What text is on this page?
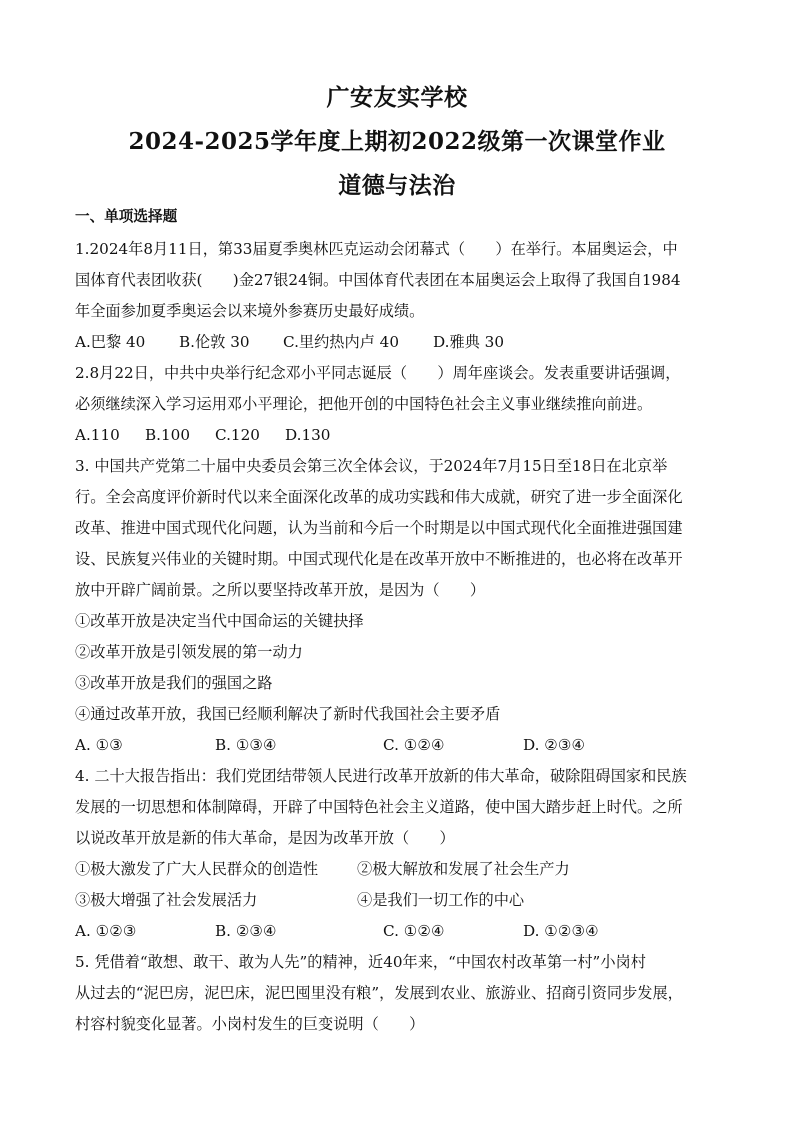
广安友实学校
2024-2025学年度上期初2022级第一次课堂作业
道德与法治
一、单项选择题
1.2024年8月11日，第33届夏季奥林匹克运动会闭幕式（　　）在举行。本届奥运会，中
国体育代表团收获(　　)金27银24铜。中国体育代表团在本届奥运会上取得了我国自1984
年全面参加夏季奥运会以来境外参赛历史最好成绩。
A.巴黎 40 B.伦敦 30 C.里约热内卢 40 D.雅典 30
2.8月22日，中共中央举行纪念邓小平同志诞辰（　　）周年座谈会。发表重要讲话强调，
必须继续深入学习运用邓小平理论，把他开创的中国特色社会主义事业继续推向前进。
A.110 B.100 C.120 D.130
3. 中国共产党第二十届中央委员会第三次全体会议，于2024年7月15日至18日在北京举
行。全会高度评价新时代以来全面深化改革的成功实践和伟大成就，研究了进一步全面深化
改革、推进中国式现代化问题，认为当前和今后一个时期是以中国式现代化全面推进强国建
设、民族复兴伟业的关键时期。中国式现代化是在改革开放中不断推进的，也必将在改革开
放中开辟广阔前景。之所以要坚持改革开放，是因为（　　）
①改革开放是决定当代中国命运的关键抉择
②改革开放是引领发展的第一动力
③改革开放是我们的强国之路
④通过改革开放，我国已经顺利解决了新时代我国社会主要矛盾
A. ①③	B. ①③④	C. ①②④	D. ②③④
4. 二十大报告指出：我们党团结带领人民进行改革开放新的伟大革命，破除阻碍国家和民族
发展的一切思想和体制障碍，开辟了中国特色社会主义道路，使中国大踏步赶上时代。之所
以说改革开放是新的伟大革命，是因为改革开放（　　）
①极大激发了广大人民群众的创造性	②极大解放和发展了社会生产力
③极大增强了社会发展活力	④是我们一切工作的中心
A. ①②③	B. ②③④	C. ①②④	D. ①②③④
5. 凭借着“敢想、敢干、敢为人先”的精神，近40年来，“中国农村改革第一村”小岗村
从过去的“泥巴房，泥巴床，泥巴囤里没有粮”，发展到农业、旅游业、招商引资同步发展，
村容村貌变化显著。小岗村发生的巨变说明（　　）
